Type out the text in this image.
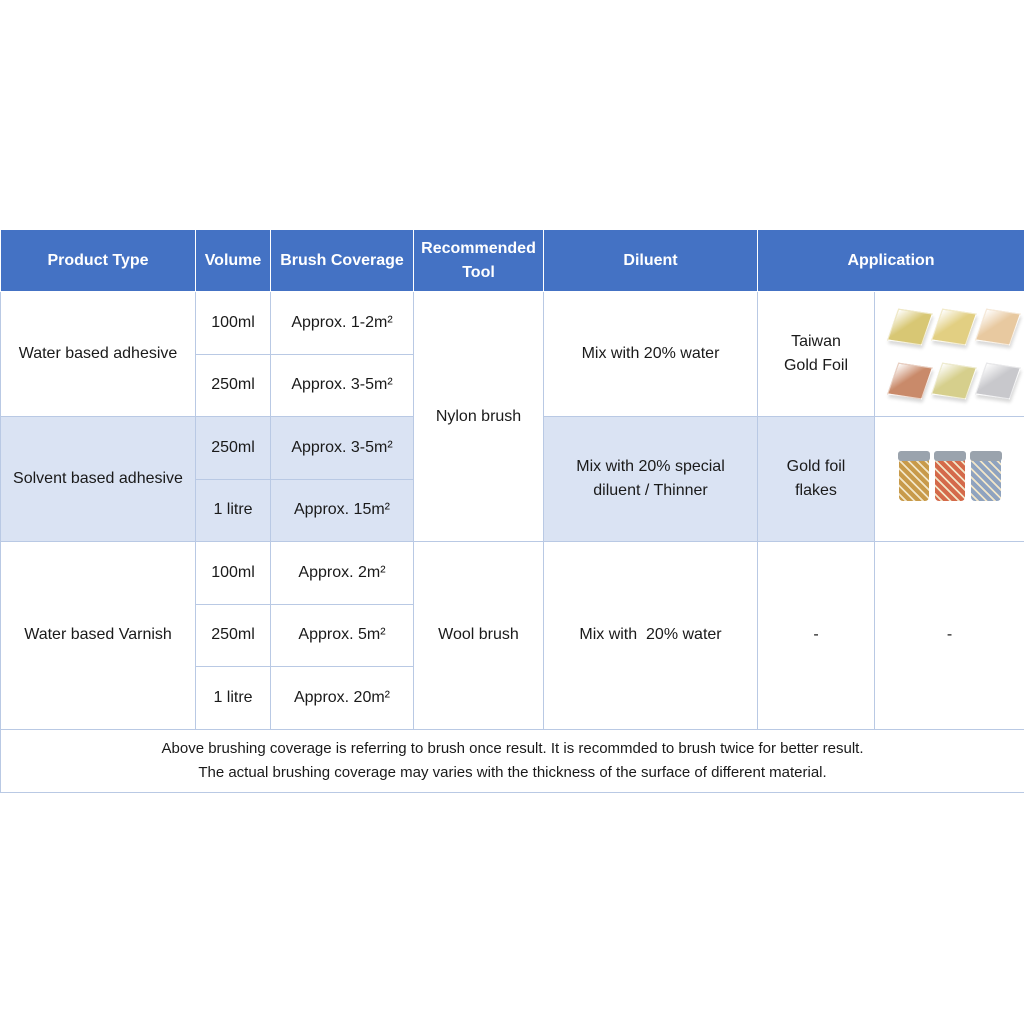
Product Type	Volume	Brush Coverage	Recommended Tool	Diluent	Application	
Water based adhesive	100ml	Approx. 1-2m²	Nylon brush	Mix with 20% water	Taiwan Gold Foil	

	250ml	Approx. 3-5m²				
Solvent based adhesive	250ml	Approx. 3-5m²		Mix with 20% special diluent / Thinner	Gold foil flakes	

	1 litre	Approx. 15m²				
Water based Varnish	100ml	Approx. 2m²	Wool brush	Mix with  20% water	-	-
	250ml	Approx. 5m²				
	1 litre	Approx. 20m²				

Above brushing coverage is referring to brush once result. It is recommded to brush twice for better result.
The actual brushing coverage may varies with the thickness of the surface of different material.						
